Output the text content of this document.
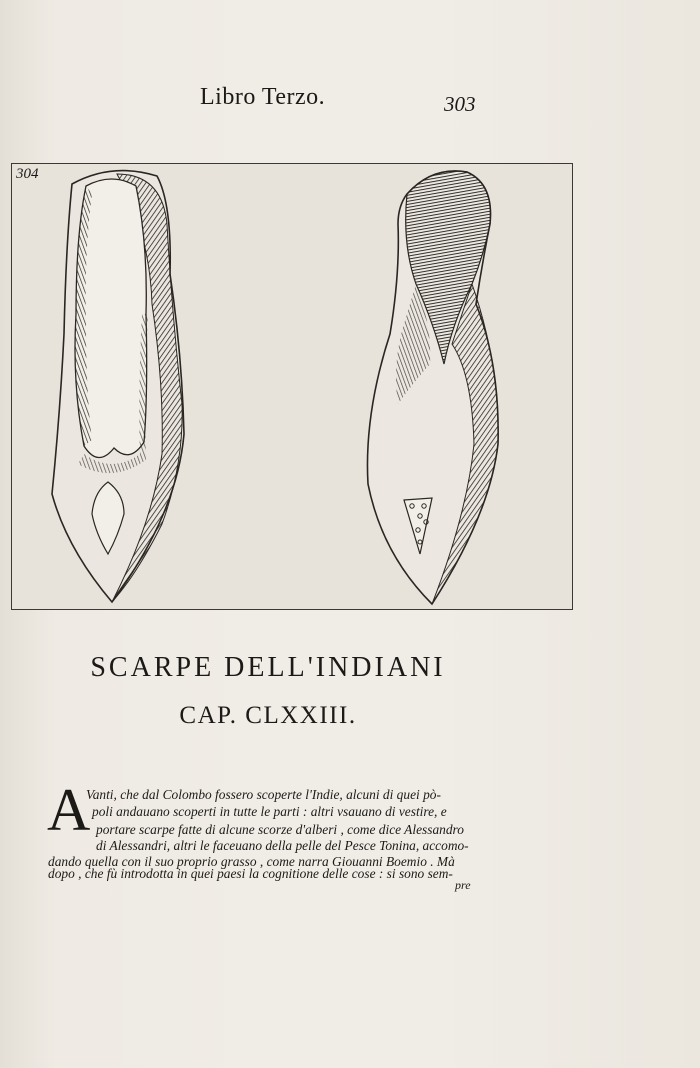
Libro Terzo.	303
304
SCARPE DELL'INDIANI
CAP. CLXXIII.
A
Vanti, che dal Colombo fossero scoperte l'Indie, alcuni di quei pò-
poli andauano scoperti in tutte le parti : altri vsauano di vestire, e
portare scarpe fatte di alcune scorze d'alberi , come dice Alessandro
di Alessandri, altri le faceuano della pelle del Pesce Tonina, accomo-
dando quella con il suo proprio grasso , come narra Giouanni Boemio . Mà
dopo , che fù introdotta in quei paesi la cognitione delle cose : si sono sem-
pre
